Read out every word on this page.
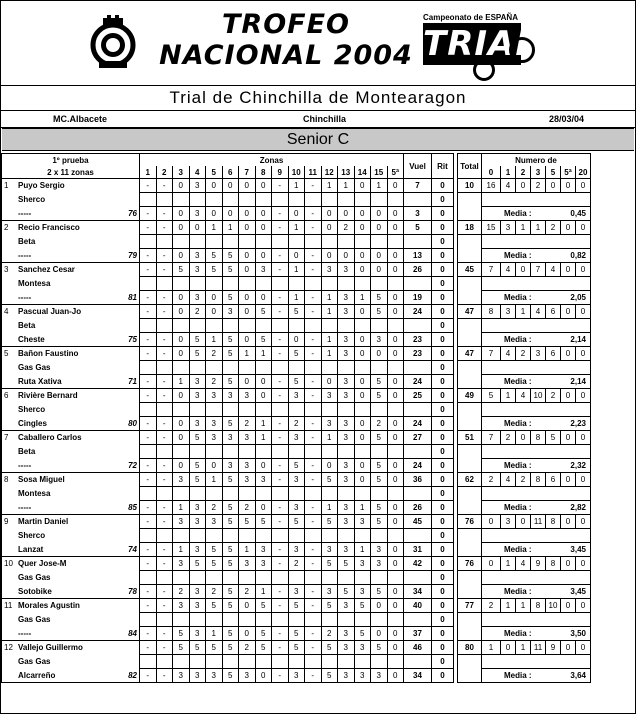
TROFEO
NACIONAL 2004
Campeonato de ESPAÑA
TRIAL
Trial de Chinchilla de Montearagon
MC.Albacete	Chinchilla	28/03/04
Senior C
1º prueba	Zonas																Vuel	Rit		Total	Numero de						
2 x 11 zonas	1	2	3	4	5	6	7	8	9	10	11	12	13	14	15	5ª					0	1	2	3	5	5ª	20
1 Puyo Sergio	-	-	0	3	0	0	0	0	-	1	-	1	1	0	1	0	7	0		10	16	4	0	2	0	0	0
Sherco																		0									
----- 76	-	-	0	3	0	0	0	0	-	0	-	0	0	0	0	0	3	0			Media : 0,45						

2 Recio Francisco	-	-	0	0	1	1	0	0	-	1	-	0	2	0	0	0	5	0		18	15	3	1	1	2	0	0
Beta																		0									
----- 79	-	-	0	3	5	5	0	0	-	0	-	0	0	0	0	0	13	0			Media : 0,82						

3 Sanchez Cesar	-	-	5	3	5	5	0	3	-	1	-	3	3	0	0	0	26	0		45	7	4	0	7	4	0	0
Montesa																		0									
----- 81	-	-	0	3	0	5	0	0	-	1	-	1	3	1	5	0	19	0			Media : 2,05						

4 Pascual Juan-Jo	-	-	0	2	0	3	0	5	-	5	-	1	3	0	5	0	24	0		47	8	3	1	4	6	0	0
Beta																		0									
Cheste 75	-	-	0	5	1	5	0	5	-	0	-	1	3	0	3	0	23	0			Media : 2,14						

5 Bañon Faustino	-	-	0	5	2	5	1	1	-	5	-	1	3	0	0	0	23	0		47	7	4	2	3	6	0	0
Gas Gas																		0									
Ruta Xativa 71	-	-	1	3	2	5	0	0	-	5	-	0	3	0	5	0	24	0			Media : 2,14						

6 Rivière Bernard	-	-	0	3	3	3	3	0	-	3	-	3	3	0	5	0	25	0		49	5	1	4	10	2	0	0
Sherco																		0									
Cingles 80	-	-	0	3	3	5	2	1	-	2	-	3	3	0	2	0	24	0			Media : 2,23						

7 Caballero Carlos	-	-	0	5	3	3	3	1	-	3	-	1	3	0	5	0	27	0		51	7	2	0	8	5	0	0
Beta																		0									
----- 72	-	-	0	5	0	3	3	0	-	5	-	0	3	0	5	0	24	0			Media : 2,32						

8 Sosa Miguel	-	-	3	5	1	5	3	3	-	3	-	5	3	0	5	0	36	0		62	2	4	2	8	6	0	0
Montesa																		0									
----- 85	-	-	1	3	2	5	2	0	-	3	-	1	3	1	5	0	26	0			Media : 2,82						

9 Martin Daniel	-	-	3	3	3	5	5	5	-	5	-	5	3	3	5	0	45	0		76	0	3	0	11	8	0	0
Sherco																		0									
Lanzat 74	-	-	1	3	5	5	1	3	-	3	-	3	3	1	3	0	31	0			Media : 3,45						

10 Quer Jose-M	-	-	3	5	5	5	3	3	-	2	-	5	5	3	3	0	42	0		76	0	1	4	9	8	0	0
Gas Gas																		0									
Sotobike 78	-	-	2	3	2	5	2	1	-	3	-	3	5	3	5	0	34	0			Media : 3,45						

11 Morales Agustin	-	-	3	3	5	5	0	5	-	5	-	5	3	5	0	0	40	0		77	2	1	1	8	10	0	0
Gas Gas																		0									
----- 84	-	-	5	3	1	5	0	5	-	5	-	2	3	5	0	0	37	0			Media : 3,50						

12 Vallejo Guillermo	-	-	5	5	5	5	2	5	-	5	-	5	3	3	5	0	46	0		80	1	0	1	11	9	0	0
Gas Gas																		0									
Alcarreño 82	-	-	3	3	3	5	3	0	-	3	-	5	3	3	3	0	34	0			Media : 3,64						
